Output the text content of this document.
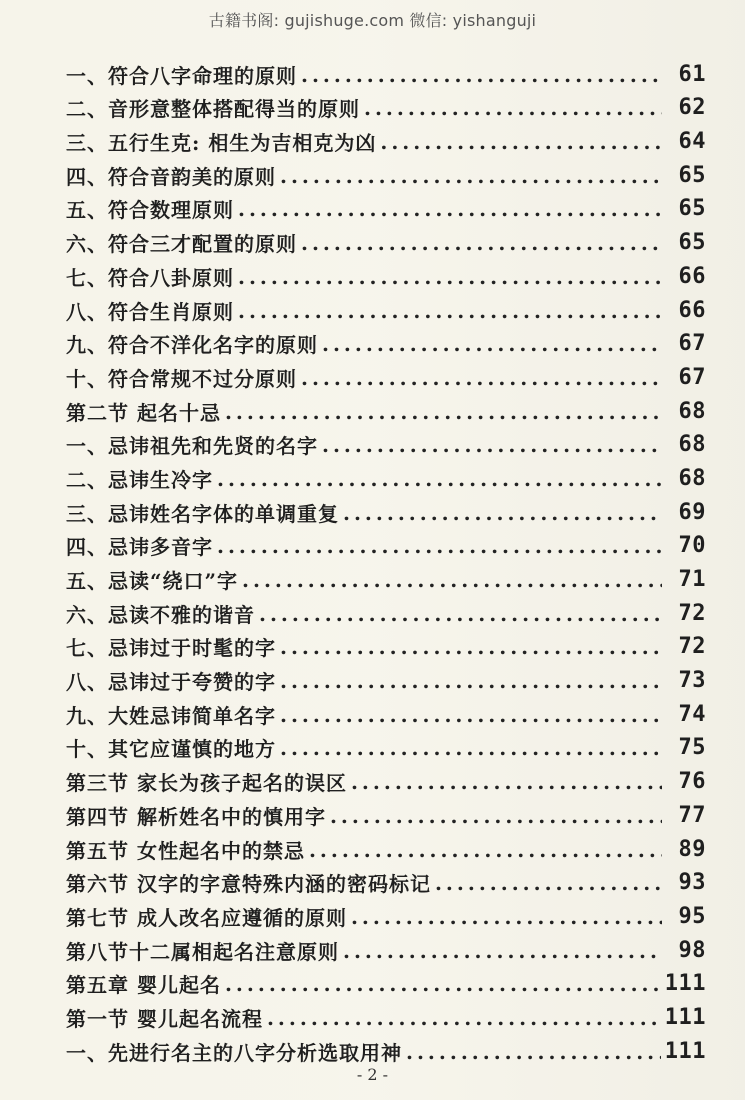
古籍书阁: gujishuge.com 微信: yishanguji
一、符合八字命理的原则 .....	61
二、音形意整体搭配得当的原则 .....	62
三、五行生克: 相生为吉相克为凶 .....	64
四、符合音韵美的原则 .....	65
五、符合数理原则 .....	65
六、符合三才配置的原则 .....	65
七、符合八卦原则 .....	66
八、符合生肖原则 .....	66
九、符合不洋化名字的原则 .....	67
十、符合常规不过分原则 .....	67
第二节 起名十忌 .....	68
一、忌讳祖先和先贤的名字 .....	68
二、忌讳生冷字 .....	68
三、忌讳姓名字体的单调重复 .....	69
四、忌讳多音字 .....	70
五、忌读“绕口”字 .....	71
六、忌读不雅的谐音 .....	72
七、忌讳过于时髦的字 .....	72
八、忌讳过于夸赞的字 .....	73
九、大姓忌讳简单名字 .....	74
十、其它应谨慎的地方 .....	75
第三节 家长为孩子起名的误区 .....	76
第四节 解析姓名中的慎用字 .....	77
第五节 女性起名中的禁忌 .....	89
第六节 汉字的字意特殊内涵的密码标记 .....	93
第七节 成人改名应遵循的原则 .....	95
第八节十二属相起名注意原则 .....	98
第五章 婴儿起名 .....	111
第一节 婴儿起名流程 .....	111
一、先进行名主的八字分析选取用神 .....	111
- 2 -
